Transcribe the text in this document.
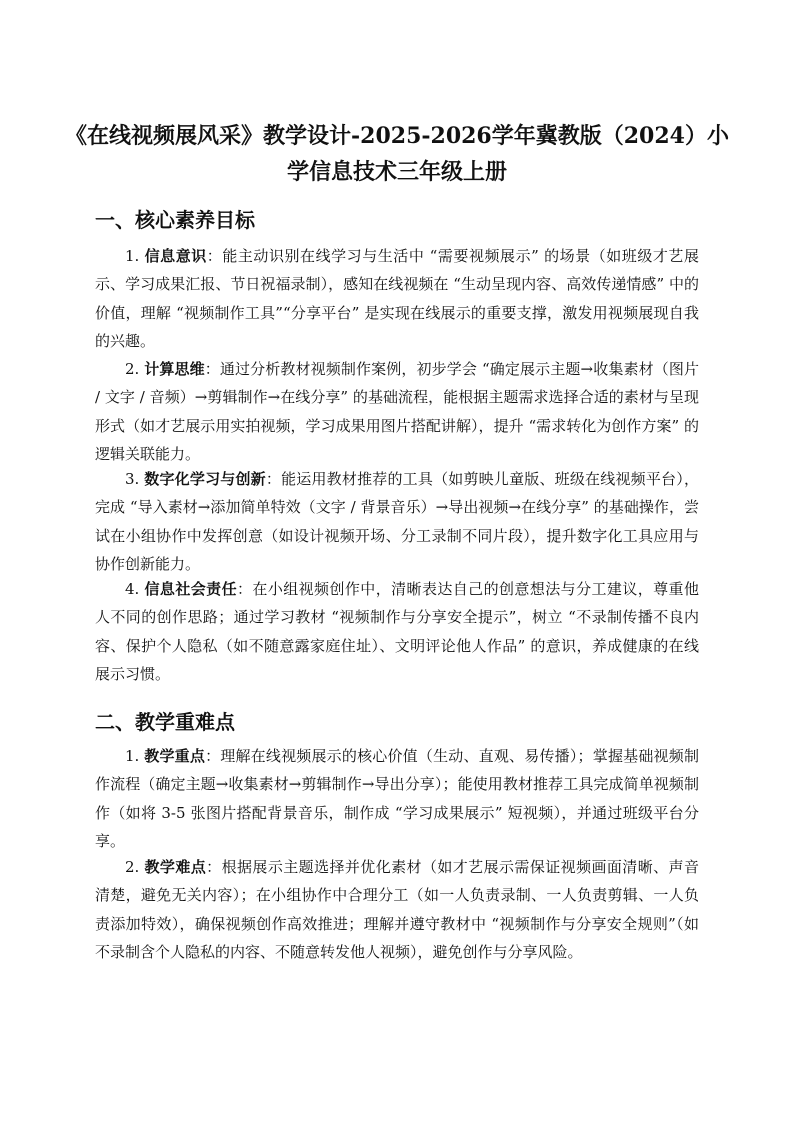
《在线视频展风采》教学设计-2025-2026学年冀教版（2024）小学信息技术三年级上册
一、核心素养目标
1. 信息意识：能主动识别在线学习与生活中 “需要视频展示” 的场景（如班级才艺展示、学习成果汇报、节日祝福录制），感知在线视频在 “生动呈现内容、高效传递情感” 中的价值，理解 “视频制作工具”“分享平台” 是实现在线展示的重要支撑，激发用视频展现自我的兴趣。
2. 计算思维：通过分析教材视频制作案例，初步学会 “确定展示主题→收集素材（图片 / 文字 / 音频）→剪辑制作→在线分享” 的基础流程，能根据主题需求选择合适的素材与呈现形式（如才艺展示用实拍视频，学习成果用图片搭配讲解），提升 “需求转化为创作方案” 的逻辑关联能力。
3. 数字化学习与创新：能运用教材推荐的工具（如剪映儿童版、班级在线视频平台），完成 “导入素材→添加简单特效（文字 / 背景音乐）→导出视频→在线分享” 的基础操作，尝试在小组协作中发挥创意（如设计视频开场、分工录制不同片段），提升数字化工具应用与协作创新能力。
4. 信息社会责任：在小组视频创作中，清晰表达自己的创意想法与分工建议，尊重他人不同的创作思路；通过学习教材 “视频制作与分享安全提示”，树立 “不录制传播不良内容、保护个人隐私（如不随意露家庭住址）、文明评论他人作品” 的意识，养成健康的在线展示习惯。
二、教学重难点
1. 教学重点：理解在线视频展示的核心价值（生动、直观、易传播）；掌握基础视频制作流程（确定主题→收集素材→剪辑制作→导出分享）；能使用教材推荐工具完成简单视频制作（如将 3-5 张图片搭配背景音乐，制作成 “学习成果展示” 短视频），并通过班级平台分享。
2. 教学难点：根据展示主题选择并优化素材（如才艺展示需保证视频画面清晰、声音清楚，避免无关内容）；在小组协作中合理分工（如一人负责录制、一人负责剪辑、一人负责添加特效），确保视频创作高效推进；理解并遵守教材中 “视频制作与分享安全规则”（如不录制含个人隐私的内容、不随意转发他人视频），避免创作与分享风险。
